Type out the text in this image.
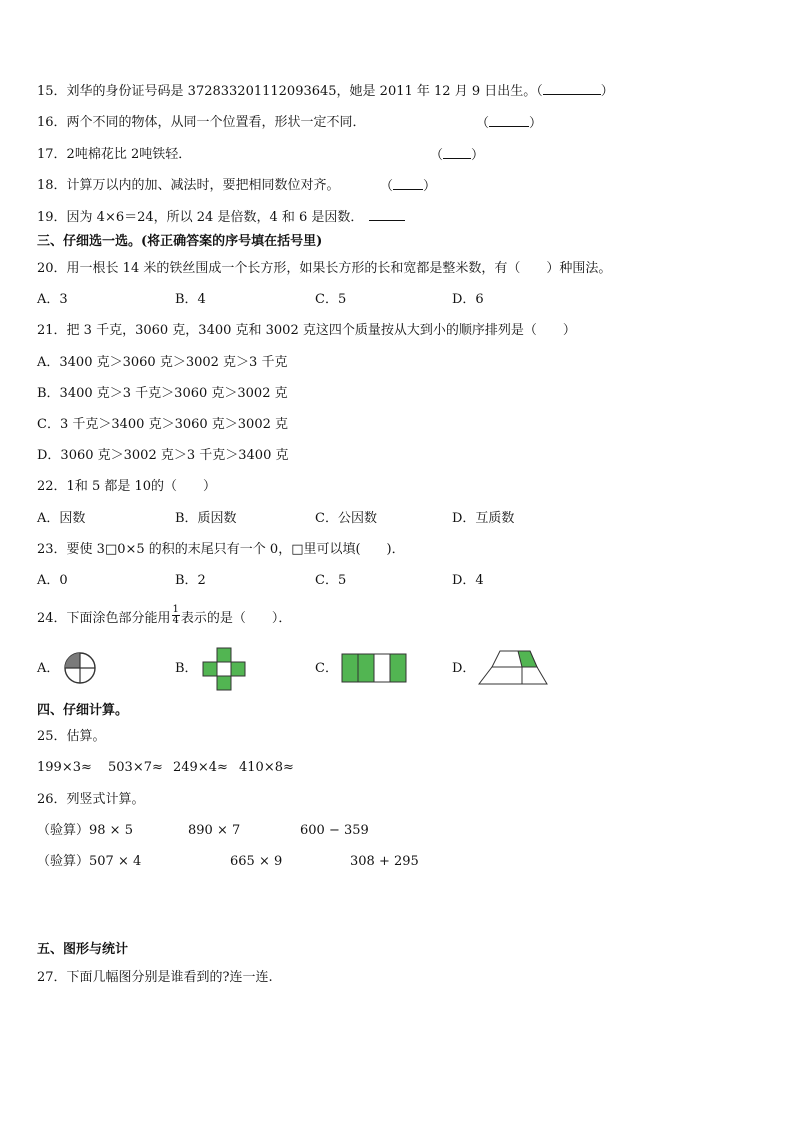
15．刘华的身份证号码是 372833201112093645，她是 2011 年 12 月 9 日出生。（	）
16．两个不同的物体，从同一个位置看，形状一定不同．	（	）
17．2吨棉花比 2吨铁轻．	（ ）
18．计算万以内的加、减法时，要把相同数位对齐。	（ ）
19．因为 4×6＝24，所以 24 是倍数，4 和 6 是因数．
三、仔细选一选。(将正确答案的序号填在括号里)
20．用一根长 14 米的铁丝围成一个长方形，如果长方形的长和宽都是整米数，有（　　）种围法。
A．3	B．4	C．5	D．6
21．把 3 千克，3060 克，3400 克和 3002 克这四个质量按从大到小的顺序排列是（　　）
A．3400 克＞3060 克＞3002 克＞3 千克
B．3400 克＞3 千克＞3060 克＞3002 克
C．3 千克＞3400 克＞3060 克＞3002 克
D．3060 克＞3002 克＞3 千克＞3400 克
22．1和 5 都是 10的（　　）
A．因数	B．质因数	C．公因数	D．互质数
23．要使 3□0×5 的积的末尾只有一个 0，□里可以填(　　)．
A．0	B．2	C．5	D．4
24．下面涂色部分能用 $\frac{1}{4}$ 表示的是（　　）．
A．	B．	C．	D．
四、仔细计算。
25．估算。
199×3≈ 503×7≈ 249×4≈ 410×8≈
26．列竖式计算。
（验算）98 × 5	890 × 7	600 − 359
（验算）507 × 4	665 × 9	308 + 295
五、图形与统计
27．下面几幅图分别是谁看到的?连一连.
